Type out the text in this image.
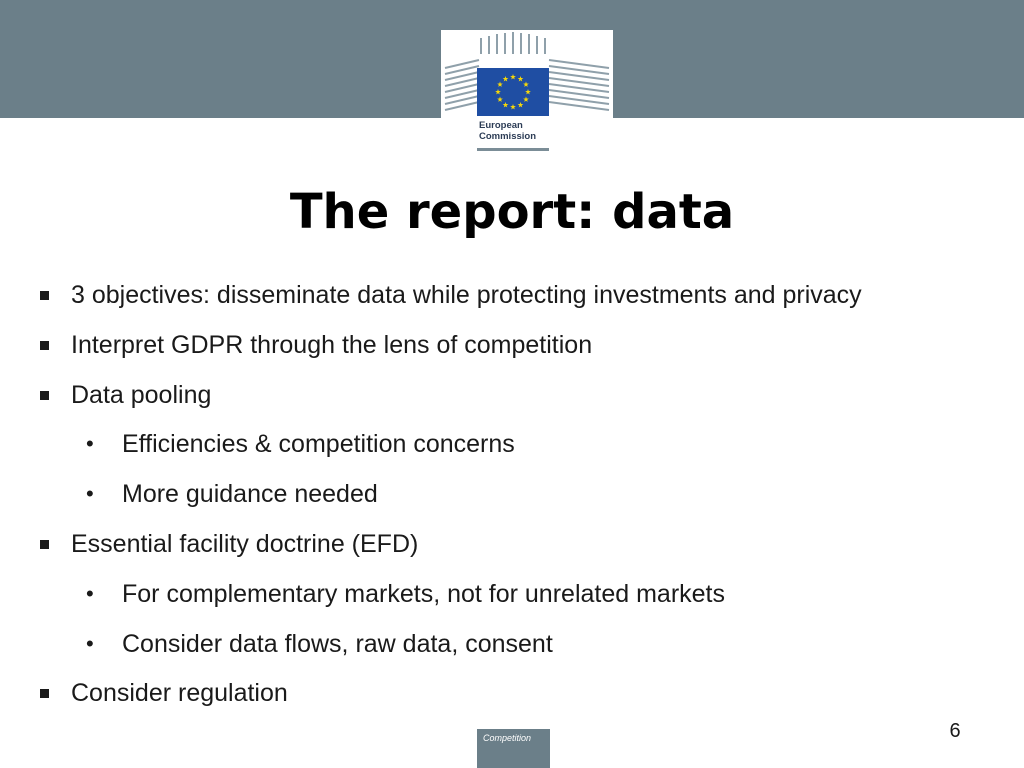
European
Commission
The report: data
3 objectives: disseminate data while protecting investments and privacy
Interpret GDPR through the lens of competition
Data pooling
• Efficiencies & competition concerns
• More guidance needed
Essential facility doctrine (EFD)
• For complementary markets, not for unrelated markets
• Consider data flows, raw data, consent
Consider regulation
Competition	6
